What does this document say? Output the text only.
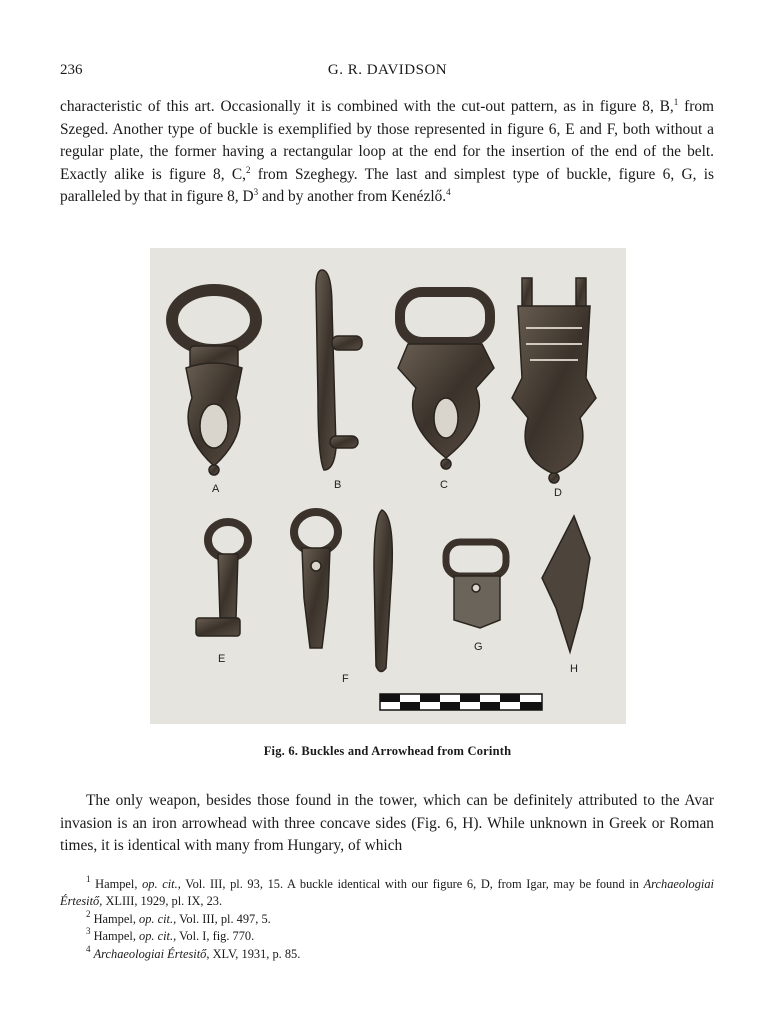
236	G. R. DAVIDSON

characteristic of this art. Occasionally it is combined with the cut-out pattern, as in figure 8, B,$^1$ from Szeged. Another type of buckle is exemplified by those represented in figure 6, E and F, both without a regular plate, the former having a rectangular loop at the end for the insertion of the end of the belt. Exactly alike is figure 8, C,$^2$ from Szeghegy. The last and simplest type of buckle, figure 6, G, is paralleled by that in figure 8, $D^3$ and by another from Kenézlő.$^4$

A	B	C
D
E
F
G
H
Fig. 6. Buckles and Arrowhead from Corinth

The only weapon, besides those found in the tower, which can be definitely attributed to the Avar invasion is an iron arrowhead with three concave sides (Fig. 6, H). While unknown in Greek or Roman times, it is identical with many from Hungary, of which

$^1$ Hampel, op. cit., Vol. III, pl. 93, 15. A buckle identical with our figure 6, D, from Igar, may be found in Archaeologiai Értesitő, XLIII, 1929, pl. IX, 23.

$^2$ Hampel, op. cit., Vol. III, pl. 497, 5.

$^3$ Hampel, op. cit., Vol. I, fig. 770.

$^4$ Archaeologiai Értesitő, XLV, 1931, p. 85.
